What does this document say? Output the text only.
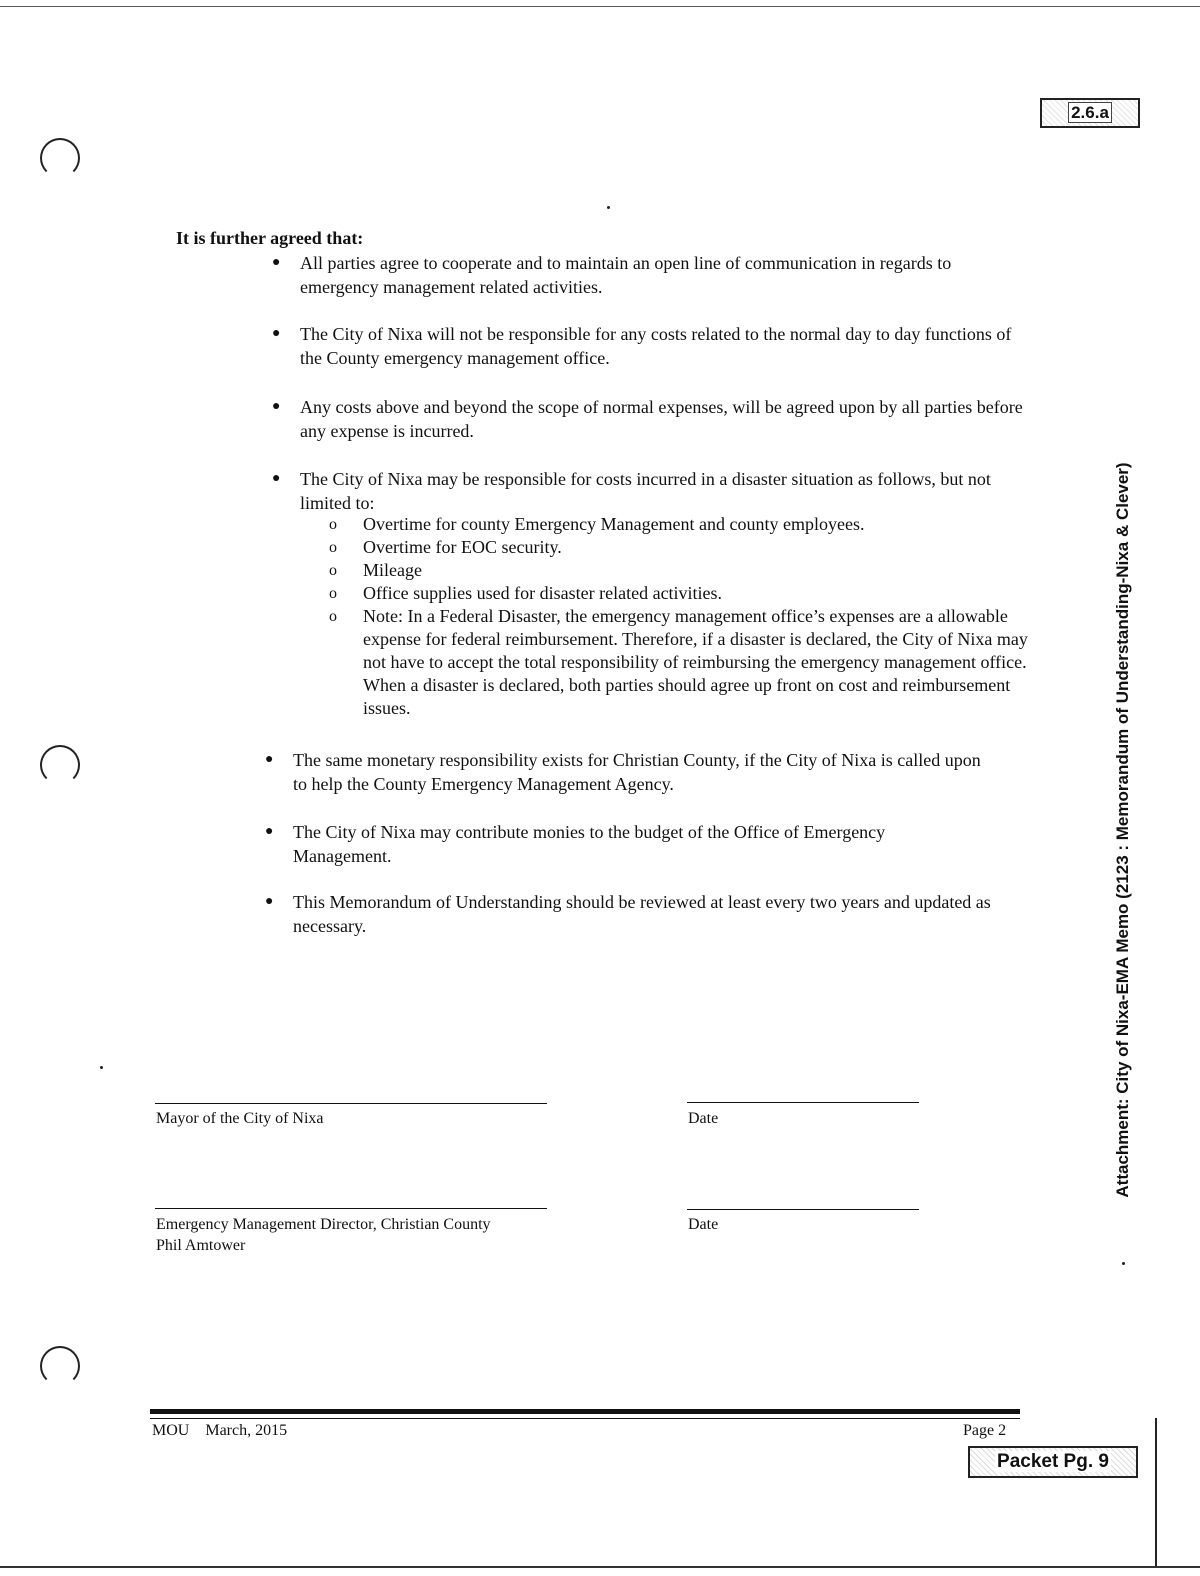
2.6.a
It is further agreed that:
● All parties agree to cooperate and to maintain an open line of communication in regards to emergency management related activities.

● The City of Nixa will not be responsible for any costs related to the normal day to day functions of the County emergency management office.

● Any costs above and beyond the scope of normal expenses, will be agreed upon by all parties before any expense is incurred.

● The City of Nixa may be responsible for costs incurred in a disaster situation as follows, but not limited to:

o Overtime for county Emergency Management and county employees.
o Overtime for EOC security.
o Mileage
o Office supplies used for disaster related activities.
o Note: In a Federal Disaster, the emergency management office’s expenses are a allowable expense for federal reimbursement. Therefore, if a disaster is declared, the City of Nixa may not have to accept the total responsibility of reimbursing the emergency management office. When a disaster is declared, both parties should agree up front on cost and reimbursement issues.
● The same monetary responsibility exists for Christian County, if the City of Nixa is called upon to help the County Emergency Management Agency.

● The City of Nixa may contribute monies to the budget of the Office of Emergency Management.

● This Memorandum of Understanding should be reviewed at least every two years and updated as necessary.

Mayor of the City of Nixa	Date
Emergency Management Director, Christian County
Phil Amtower
Date
MOU March, 2015	Page 2
Packet Pg. 9
Attachment: City of Nixa-EMA Memo (2123 : Memorandum of Understanding-Nixa & Clever)
